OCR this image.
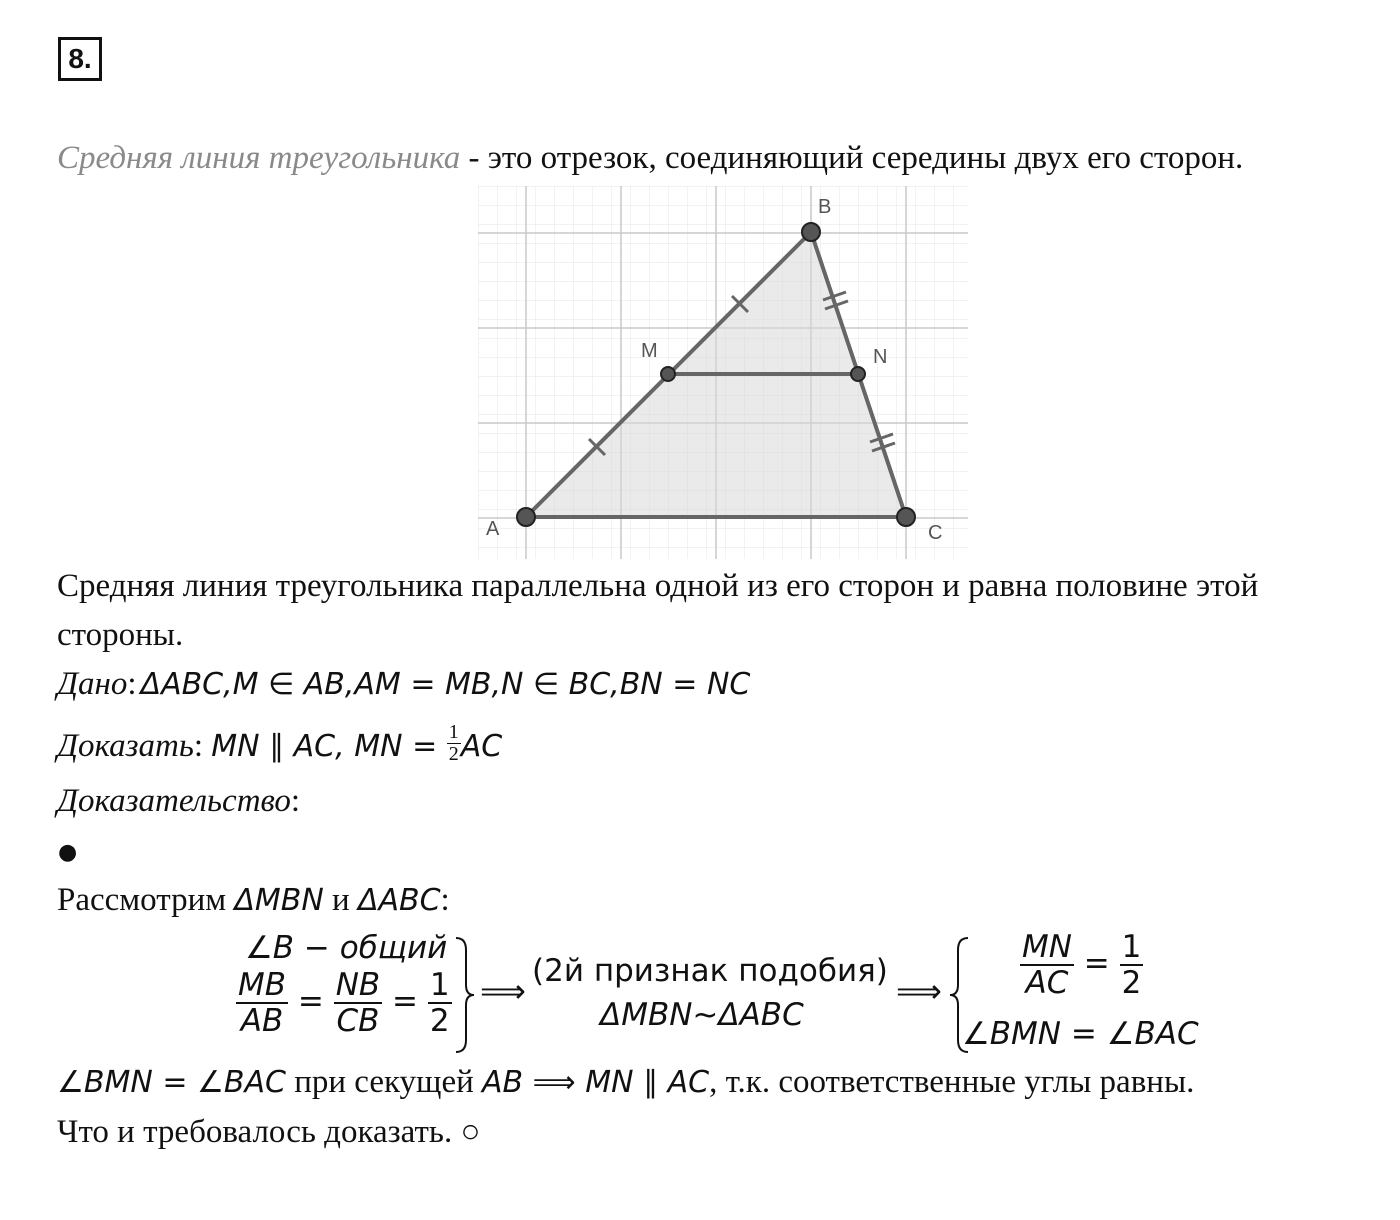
8.
Средняя линия треугольника - это отрезок, соединяющий середины двух его сторон.
A
B
C
M	N
Средняя линия треугольника параллельна одной из его сторон и равна половине этой
стороны.
Дано: ΔABC,M ∈ AB,AM = MB,N ∈ BC,BN = NC
Доказать: MN ∥ AC, MN = $\frac{1}{2}$ AC
Доказательство:
●
Рассмотрим ΔMBN и ΔABC:
∠B − общий
$\frac{MB}{AB} = \frac{NB}{CB} = \frac{1}{2}$ ⟹
(2й признак подобия)
ΔMBN~ΔABC
⟹	$\frac{MN}{AC} = \frac{1}{2}$
∠BMN = ∠BAC
∠BMN = ∠BAC при секущей AB ⟹ MN ∥ AC, т.к. соответственные углы равны.
Что и требовалось доказать. ○
